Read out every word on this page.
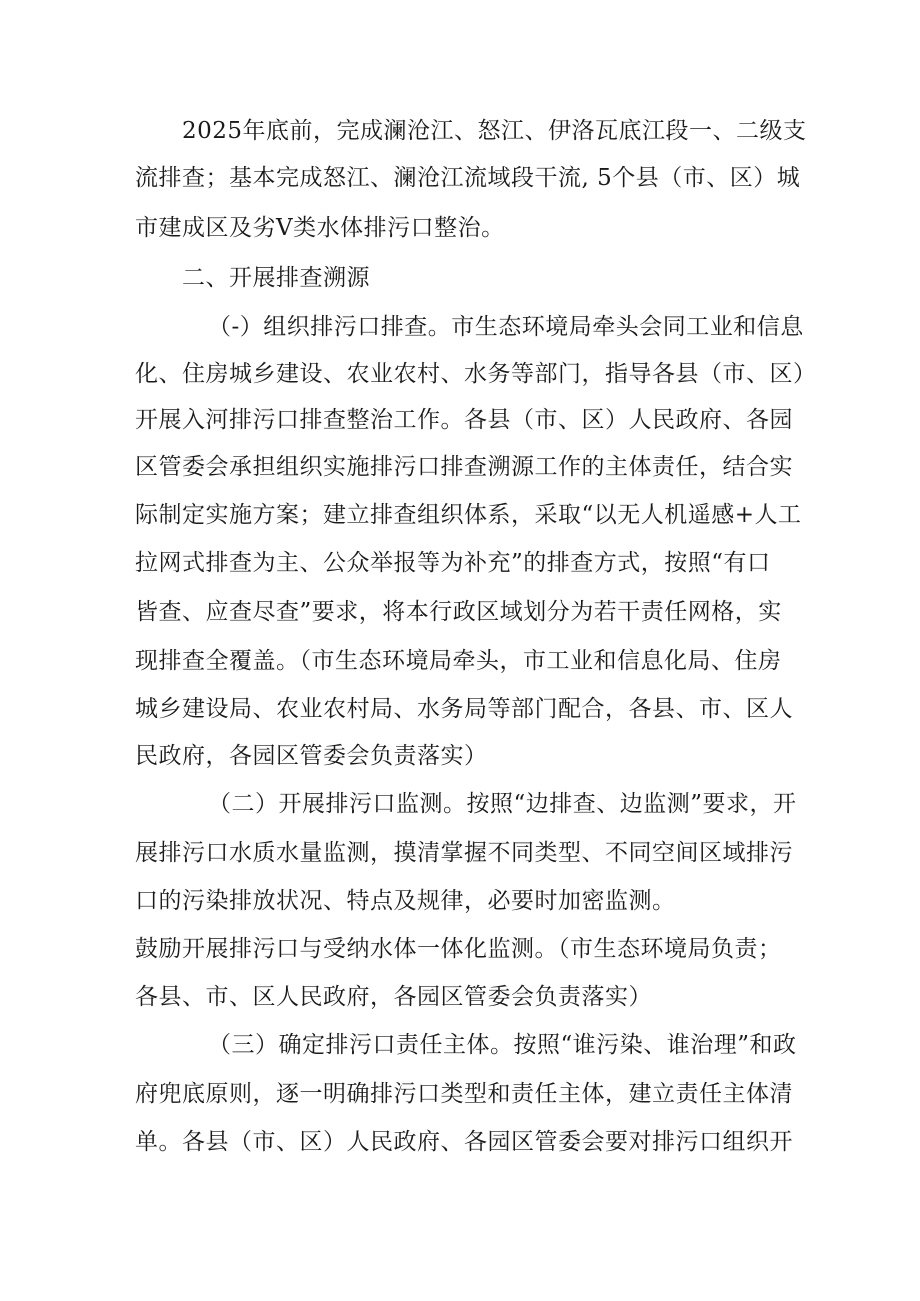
2025年底前，完成澜沧江、怒江、伊洛瓦底江段一、二级支
流排查；基本完成怒江、澜沧江流域段干流, 5个县（市、区）城
市建成区及劣V类水体排污口整治。
二、开展排查溯源
（-）组织排污口排查。市生态环境局牵头会同工业和信息
化、住房城乡建设、农业农村、水务等部门，指导各县（市、区）
开展入河排污口排查整治工作。各县（市、区）人民政府、各园
区管委会承担组织实施排污口排查溯源工作的主体责任，结合实
际制定实施方案；建立排查组织体系，采取“以无人机遥感+人工
拉网式排查为主、公众举报等为补充”的排查方式，按照“有口
皆查、应查尽查”要求，将本行政区域划分为若干责任网格，实
现排查全覆盖。（市生态环境局牵头，市工业和信息化局、住房
城乡建设局、农业农村局、水务局等部门配合，各县、市、区人
民政府，各园区管委会负责落实）
（二）开展排污口监测。按照“边排查、边监测”要求，开
展排污口水质水量监测，摸清掌握不同类型、不同空间区域排污
口的污染排放状况、特点及规律，必要时加密监测。
鼓励开展排污口与受纳水体一体化监测。（市生态环境局负责；
各县、市、区人民政府，各园区管委会负责落实）
（三）确定排污口责任主体。按照“谁污染、谁治理”和政
府兜底原则，逐一明确排污口类型和责任主体，建立责任主体清
单。各县（市、区）人民政府、各园区管委会要对排污口组织开
